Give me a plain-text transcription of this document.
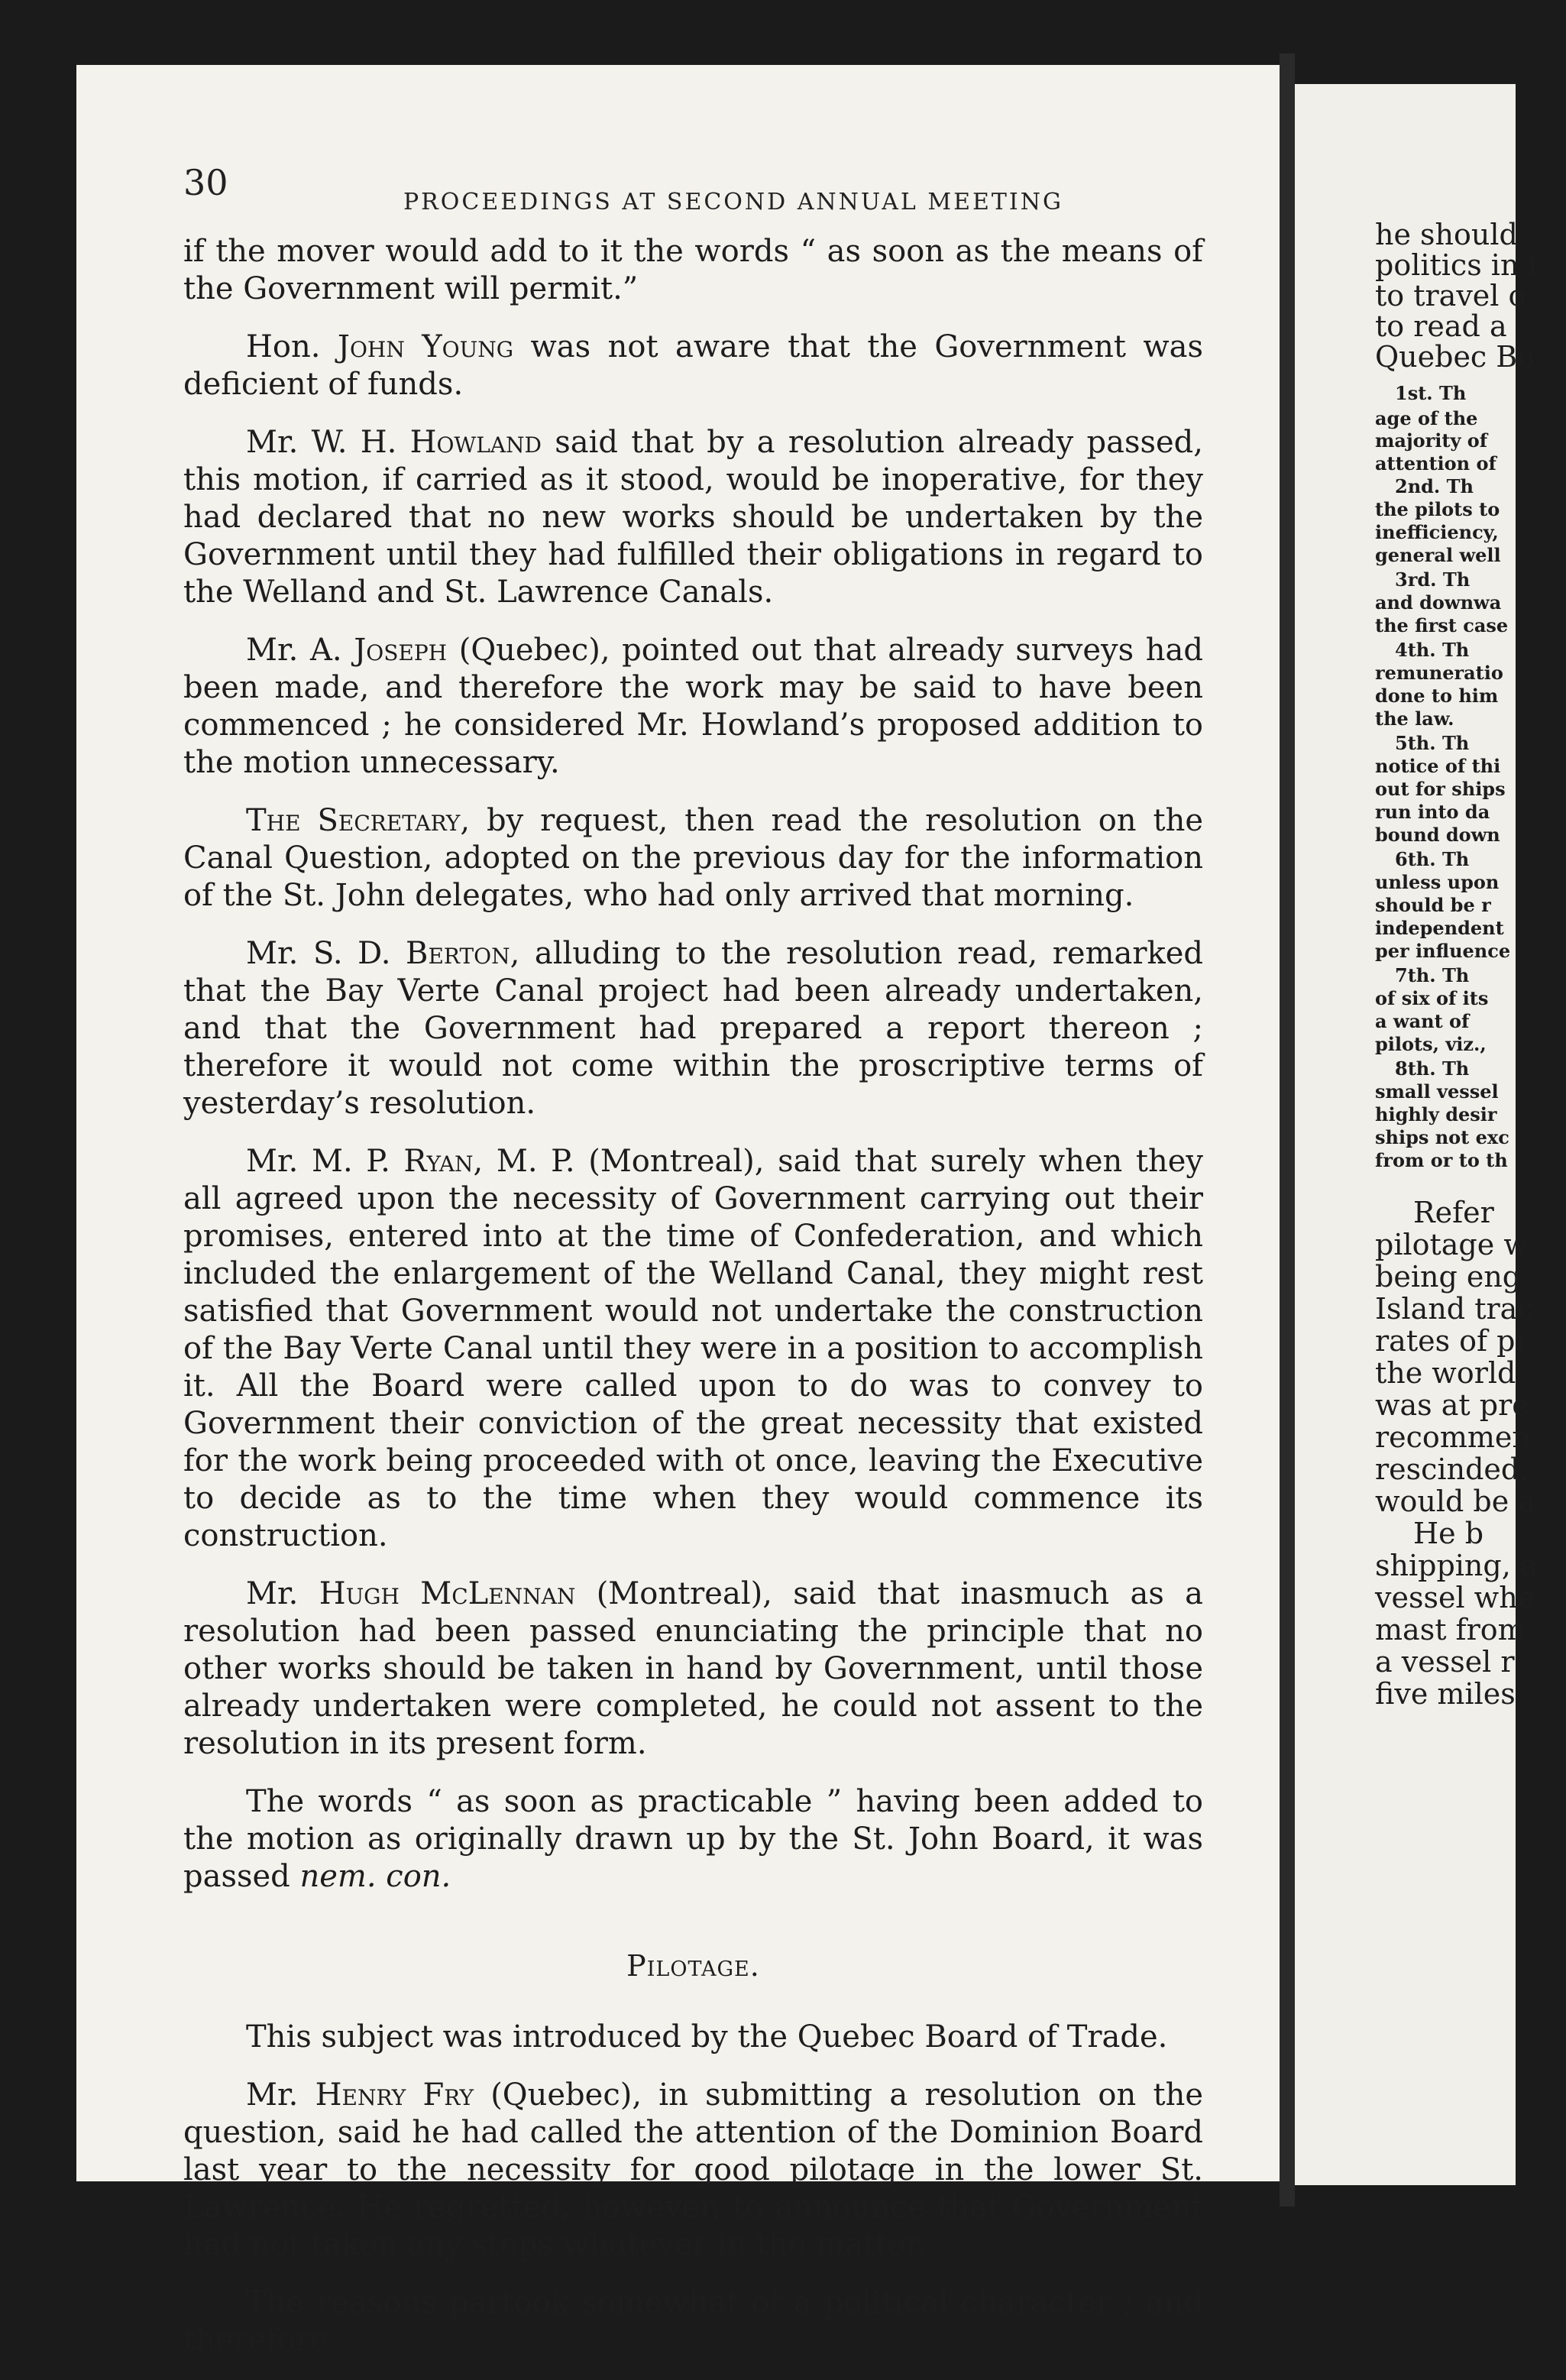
30	PROCEEDINGS AT SECOND ANNUAL MEETING

if the mover would add to it the words “ as soon as the means of the Government will permit.”

Hon. John Young was not aware that the Government was deficient of funds.

Mr. W. H. Howland said that by a resolution already passed, this motion, if carried as it stood, would be inoperative, for they had declared that no new works should be undertaken by the Government until they had fulfilled their obligations in regard to the Welland and St. Lawrence Canals.

Mr. A. Joseph (Quebec), pointed out that already surveys had been made, and therefore the work may be said to have been commenced ; he considered Mr. Howland’s proposed addition to the motion unnecessary.

The Secretary, by request, then read the resolution on the Canal Question, adopted on the previous day for the information of the St. John delegates, who had only arrived that morning.

Mr. S. D. Berton, alluding to the resolution read, remarked that the Bay Verte Canal project had been already undertaken, and that the Government had prepared a report thereon ; therefore it would not come within the proscriptive terms of yesterday’s resolution.

Mr. M. P. Ryan, M. P. (Montreal), said that surely when they all agreed upon the necessity of Government carrying out their promises, entered into at the time of Confederation, and which included the enlargement of the Welland Canal, they might rest satisfied that Government would not undertake the construction of the Bay Verte Canal until they were in a position to accomplish it. All the Board were called upon to do was to convey to Government their conviction of the great necessity that existed for the work being proceeded with ot once, leaving the Executive to decide as to the time when they would commence its construction.

Mr. Hugh McLennan (Montreal), said that inasmuch as a resolution had been passed enunciating the principle that no other works should be taken in hand by Government, until those already undertaken were completed, he could not assent to the resolution in its present form.

The words “ as soon as practicable ” having been added to the motion as originally drawn up by the St. John Board, it was passed nem. con.

Pilotage.

This subject was introduced by the Quebec Board of Trade.

Mr. Henry Fry (Quebec), in submitting a resolution on the question, said he had called the attention of the Dominion Board last year to the necessity for good pilotage in the lower St. Lawrence. He regretted, however, to announce that Government had not taken any steps whatever in the matter.

The reasons partook somewhat of a political character ; and therefore

he should
politics in t
to travel o
to read a
Quebec Bo
1st. Th
age of the
majority of
attention of
2nd. Th
the pilots to
inefficiency,
general well
3rd. Th
and downwa
the first case
4th. Th
remuneratio
done to him
the law.
5th. Th
notice of thi
out for ships
run into da
bound down
6th. Th
unless upon
should be r
independent
per influence
7th. Th
of six of its
a want of
pilots, viz.,
8th. Th
small vessel
highly desir
ships not exc
from or to th
Refer
pilotage w
being eng
Island trac
rates of pi
the world
was at pre
recommen
rescinded,
would be a
He b
shipping, a
vessel whe
mast from
a vessel r
five miles
